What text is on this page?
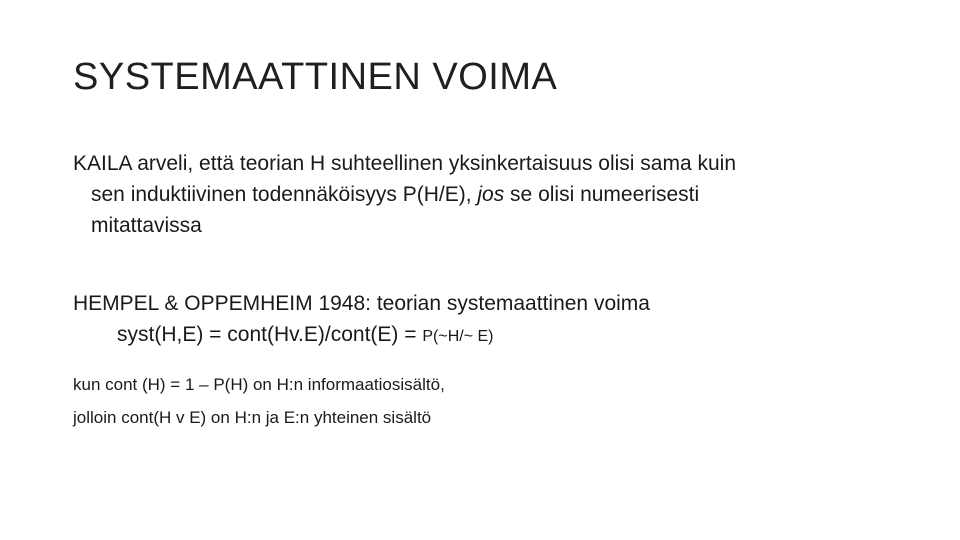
SYSTEMAATTINEN VOIMA
KAILA arveli, että teorian H suhteellinen yksinkertaisuus olisi sama kuin
sen induktiivinen todennäköisyys P(H/E), jos se olisi numeerisesti
mitattavissa
HEMPEL & OPPEMHEIM 1948: teorian systemaattinen voima
syst(H,E) = cont(Hv.E)/cont(E) = P(~H/~ E)
kun cont (H) = 1 – P(H) on H:n informaatiosisältö,
jolloin cont(H v E) on H:n ja E:n yhteinen sisältö
